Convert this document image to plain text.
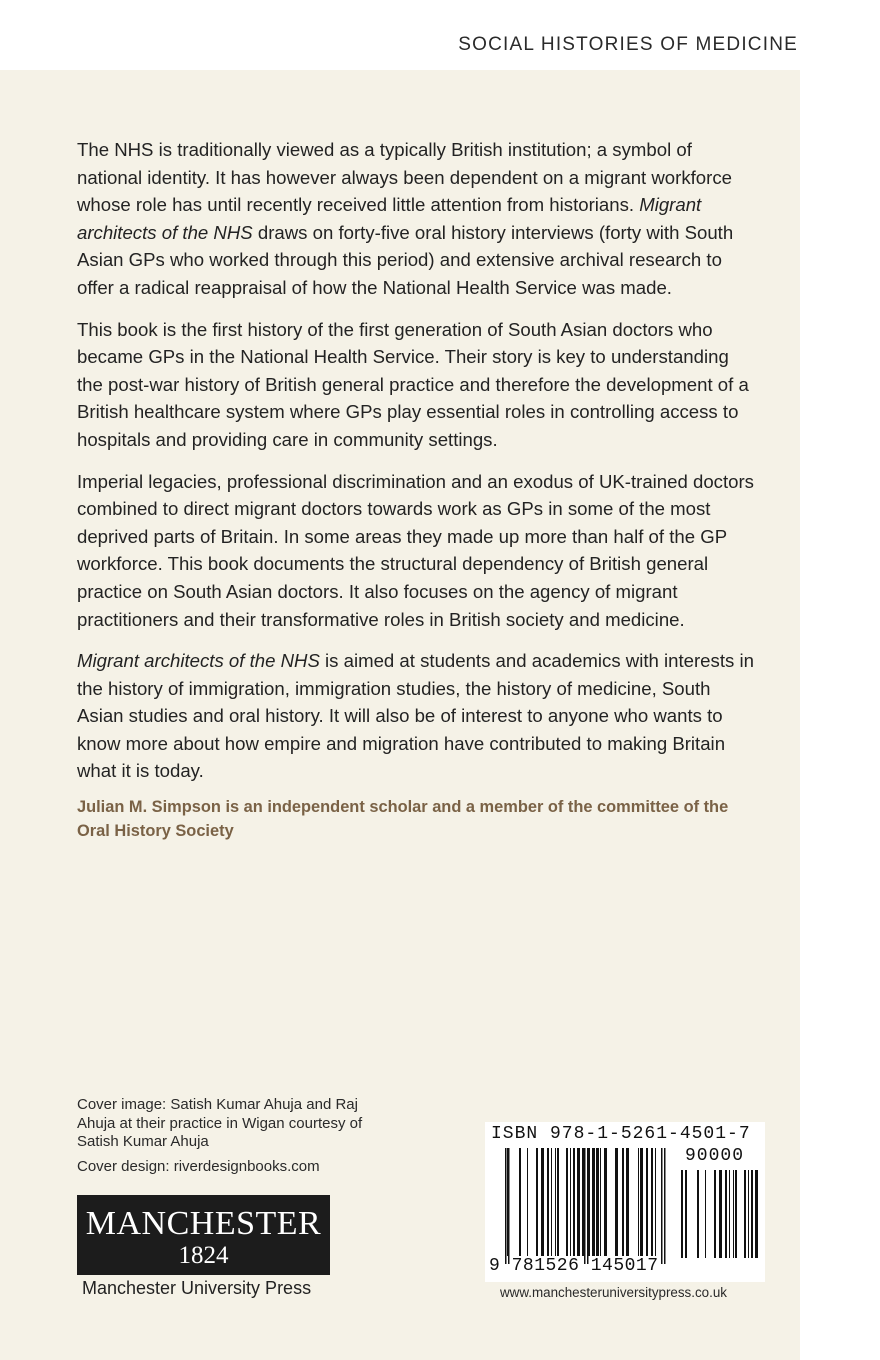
SOCIAL HISTORIES OF MEDICINE

The NHS is traditionally viewed as a typically British institution; a symbol of national identity. It has however always been dependent on a migrant workforce whose role has until recently received little attention from historians. Migrant architects of the NHS draws on forty-five oral history interviews (forty with South Asian GPs who worked through this period) and extensive archival research to offer a radical reappraisal of how the National Health Service was made.

This book is the first history of the first generation of South Asian doctors who became GPs in the National Health Service. Their story is key to understanding the post-war history of British general practice and therefore the development of a British healthcare system where GPs play essential roles in controlling access to hospitals and providing care in community settings.

Imperial legacies, professional discrimination and an exodus of UK-trained doctors combined to direct migrant doctors towards work as GPs in some of the most deprived parts of Britain. In some areas they made up more than half of the GP workforce. This book documents the structural dependency of British general practice on South Asian doctors. It also focuses on the agency of migrant practitioners and their transformative roles in British society and medicine.

Migrant architects of the NHS is aimed at students and academics with interests in the history of immigration, immigration studies, the history of medicine, South Asian studies and oral history. It will also be of interest to anyone who wants to know more about how empire and migration have contributed to making Britain what it is today.

Julian M. Simpson is an independent scholar and a member of the committee of the Oral History Society
Cover image: Satish Kumar Ahuja and Raj Ahuja at their practice in Wigan courtesy of Satish Kumar Ahuja
Cover design: riverdesignbooks.com
MANCHESTER
1824
Manchester University Press
ISBN 978-1-5261-4501-7
90000
9 781526 145017
www.manchesteruniversitypress.co.uk
